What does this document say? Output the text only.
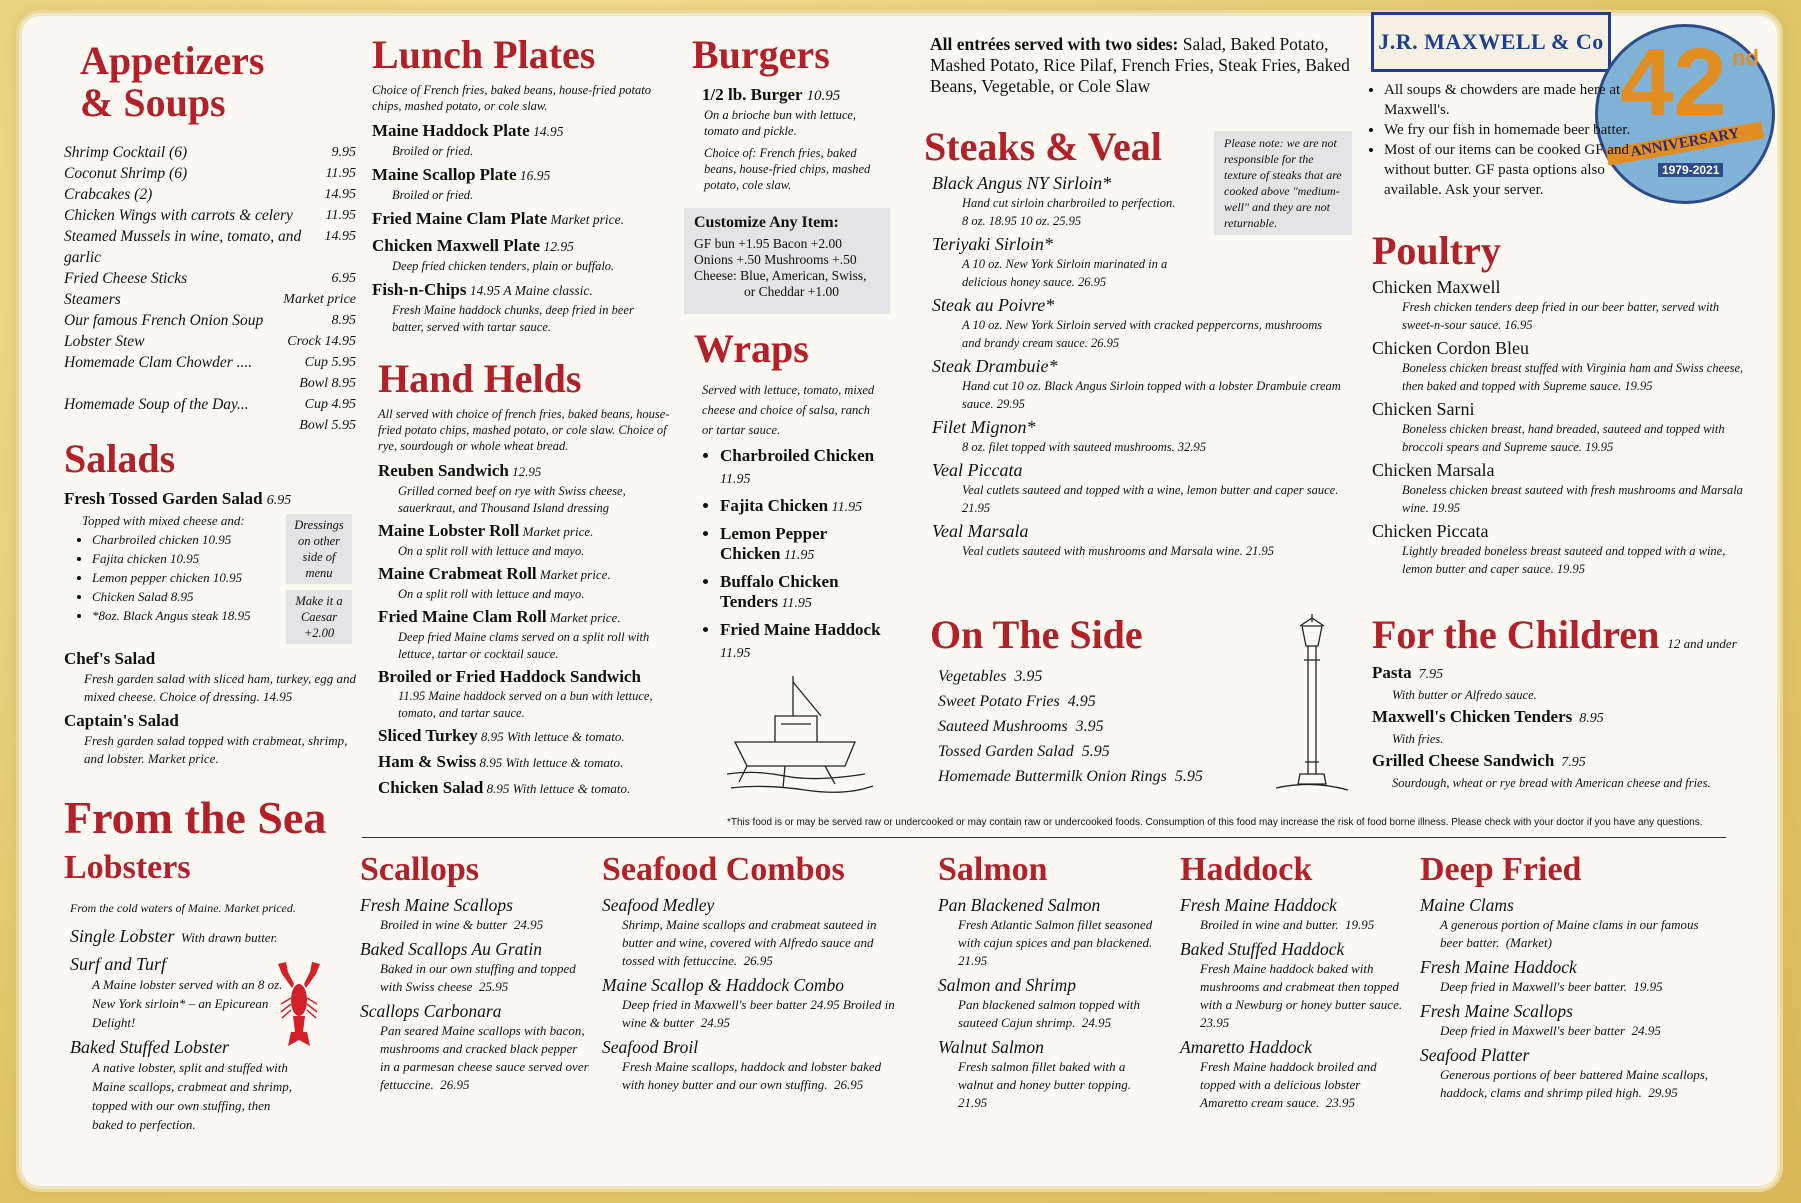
Appetizers
& Soups
Shrimp Cocktail (6)	9.95
Coconut Shrimp (6)	11.95
Crabcakes (2)	14.95
Chicken Wings with carrots & celery 11.95
Steamed Mussels in wine, tomato, and garlic
14.95
Fried Cheese Sticks	6.95
Steamers	Market price
Our famous French Onion Soup	8.95
Lobster Stew	Crock 14.95
Homemade Clam Chowder ....	Cup 5.95
Bowl 8.95
Homemade Soup of the Day...	Cup 4.95
Bowl 5.95
Salads
Fresh Tossed Garden Salad 6.95
Topped with mixed cheese and:
• Charbroiled chicken 10.95
• Fajita chicken 10.95
• Lemon pepper chicken 10.95
• Chicken Salad 8.95
• *8oz. Black Angus steak 18.95
Dressings on other side of menu
Make it a Caesar +2.00
Chef's Salad
Fresh garden salad with sliced ham, turkey, egg and mixed cheese. Choice of dressing. 14.95
Captain's Salad
Fresh garden salad topped with crabmeat, shrimp, and lobster. Market price.
Lunch Plates
Choice of French fries, baked beans, house-fried potato chips, mashed potato, or cole slaw.
Maine Haddock Plate 14.95
Broiled or fried.
Maine Scallop Plate 16.95
Broiled or fried.
Fried Maine Clam Plate Market price.
Chicken Maxwell Plate 12.95
Deep fried chicken tenders, plain or buffalo.
Fish-n-Chips 14.95 A Maine classic.
Fresh Maine haddock chunks, deep fried in beer batter, served with tartar sauce.
Hand Helds
All served with choice of french fries, baked beans, house-fried potato chips, mashed potato, or cole slaw. Choice of rye, sourdough or whole wheat bread.
Reuben Sandwich 12.95
Grilled corned beef on rye with Swiss cheese, sauerkraut, and Thousand Island dressing
Maine Lobster Roll Market price.
On a split roll with lettuce and mayo.
Maine Crabmeat Roll Market price.
On a split roll with lettuce and mayo.
Fried Maine Clam Roll Market price.
Deep fried Maine clams served on a split roll with lettuce, tartar or cocktail sauce.
Broiled or Fried Haddock Sandwich
11.95 Maine haddock served on a bun with lettuce, tomato, and tartar sauce.
Sliced Turkey 8.95 With lettuce & tomato.
Ham & Swiss 8.95 With lettuce & tomato.
Chicken Salad 8.95 With lettuce & tomato.
Burgers
1/2 lb. Burger 10.95
On a brioche bun with lettuce, tomato and pickle.
Choice of: French fries, baked beans, house-fried chips, mashed potato, cole slaw.
Customize Any Item:
GF bun +1.95 Bacon +2.00
Onions +.50 Mushrooms +.50
Cheese: Blue, American, Swiss,
or Cheddar +1.00
Wraps
Served with lettuce, tomato, mixed cheese and choice of salsa, ranch or tartar sauce.
• Charbroiled Chicken 11.95
• Fajita Chicken 11.95
• Lemon Pepper Chicken 11.95
• Buffalo Chicken Tenders 11.95
• Fried Maine Haddock 11.95
All entrées served with two sides: Salad, Baked Potato, Mashed Potato, Rice Pilaf, French Fries, Steak Fries, Baked Beans, Vegetable, or Cole Slaw
Steaks & Veal
Black Angus NY Sirloin*
Hand cut sirloin charbroiled to perfection.
8 oz. 18.95 10 oz. 25.95
Teriyaki Sirloin*
A 10 oz. New York Sirloin marinated in a delicious honey sauce. 26.95
Steak au Poivre*
A 10 oz. New York Sirloin served with cracked peppercorns, mushrooms and brandy cream sauce. 26.95
Steak Drambuie*
Hand cut 10 oz. Black Angus Sirloin topped with a lobster Drambuie cream sauce. 29.95
Filet Mignon*
8 oz. filet topped with sauteed mushrooms. 32.95
Veal Piccata
Veal cutlets sauteed and topped with a wine, lemon butter and caper sauce. 21.95
Veal Marsala
Veal cutlets sauteed with mushrooms and Marsala wine. 21.95
Please note: we are not responsible for the texture of steaks that are cooked above "medium-well" and they are not returnable.
On The Side
Vegetables  3.95
Sweet Potato Fries  4.95
Sauteed Mushrooms  3.95
Tossed Garden Salad  5.95
Homemade Buttermilk Onion Rings  5.95
J.R. MAXWELL & Co 42 nd
ANNIVERSARY
1979-2021
• All soups & chowders are made here at Maxwell's.
• We fry our fish in homemade beer batter.
• Most of our items can be cooked GF and without butter. GF pasta options also available. Ask your server.
Poultry
Chicken Maxwell
Fresh chicken tenders deep fried in our beer batter, served with sweet-n-sour sauce. 16.95
Chicken Cordon Bleu
Boneless chicken breast stuffed with Virginia ham and Swiss cheese, then baked and topped with Supreme sauce. 19.95
Chicken Sarni
Boneless chicken breast, hand breaded, sauteed and topped with broccoli spears and Supreme sauce. 19.95
Chicken Marsala
Boneless chicken breast sauteed with fresh mushrooms and Marsala wine. 19.95
Chicken Piccata
Lightly breaded boneless breast sauteed and topped with a wine, lemon butter and caper sauce. 19.95
For the Children 12 and under
Pasta  7.95
With butter or Alfredo sauce.
Maxwell's Chicken Tenders  8.95
With fries.
Grilled Cheese Sandwich  7.95
Sourdough, wheat or rye bread with American cheese and fries.
*This food is or may be served raw or undercooked or may contain raw or undercooked foods. Consumption of this food may increase the risk of food borne illness. Please check with your doctor if you have any questions.
From the Sea
Lobsters
From the cold waters of Maine. Market priced.
Single Lobster  With drawn butter.
Surf and Turf
A Maine lobster served with an 8 oz. New York sirloin* – an Epicurean Delight!
Baked Stuffed Lobster
A native lobster, split and stuffed with Maine scallops, crabmeat and shrimp, topped with our own stuffing, then baked to perfection.
Scallops
Fresh Maine Scallops
Broiled in wine & butter  24.95
Baked Scallops Au Gratin
Baked in our own stuffing and topped with Swiss cheese  25.95
Scallops Carbonara
Pan seared Maine scallops with bacon, mushrooms and cracked black pepper in a parmesan cheese sauce served over fettuccine.  26.95
Seafood Combos
Seafood Medley
Shrimp, Maine scallops and crabmeat sauteed in butter and wine, covered with Alfredo sauce and tossed with fettuccine.  26.95
Maine Scallop & Haddock Combo
Deep fried in Maxwell's beer batter 24.95 Broiled in wine & butter  24.95
Seafood Broil
Fresh Maine scallops, haddock and lobster baked with honey butter and our own stuffing.  26.95
Salmon
Pan Blackened Salmon
Fresh Atlantic Salmon fillet seasoned with cajun spices and pan blackened.  21.95
Salmon and Shrimp
Pan blackened salmon topped with sauteed Cajun shrimp.  24.95
Walnut Salmon
Fresh salmon fillet baked with a walnut and honey butter topping.  21.95
Haddock
Fresh Maine Haddock
Broiled in wine and butter.  19.95
Baked Stuffed Haddock
Fresh Maine haddock baked with mushrooms and crabmeat then topped with a Newburg or honey butter sauce.  23.95
Amaretto Haddock
Fresh Maine haddock broiled and topped with a delicious lobster Amaretto cream sauce.  23.95
Deep Fried
Maine Clams
A generous portion of Maine clams in our famous beer batter.  (Market)
Fresh Maine Haddock
Deep fried in Maxwell's beer batter.  19.95
Fresh Maine Scallops
Deep fried in Maxwell's beer batter  24.95
Seafood Platter
Generous portions of beer battered Maine scallops, haddock, clams and shrimp piled high.  29.95
